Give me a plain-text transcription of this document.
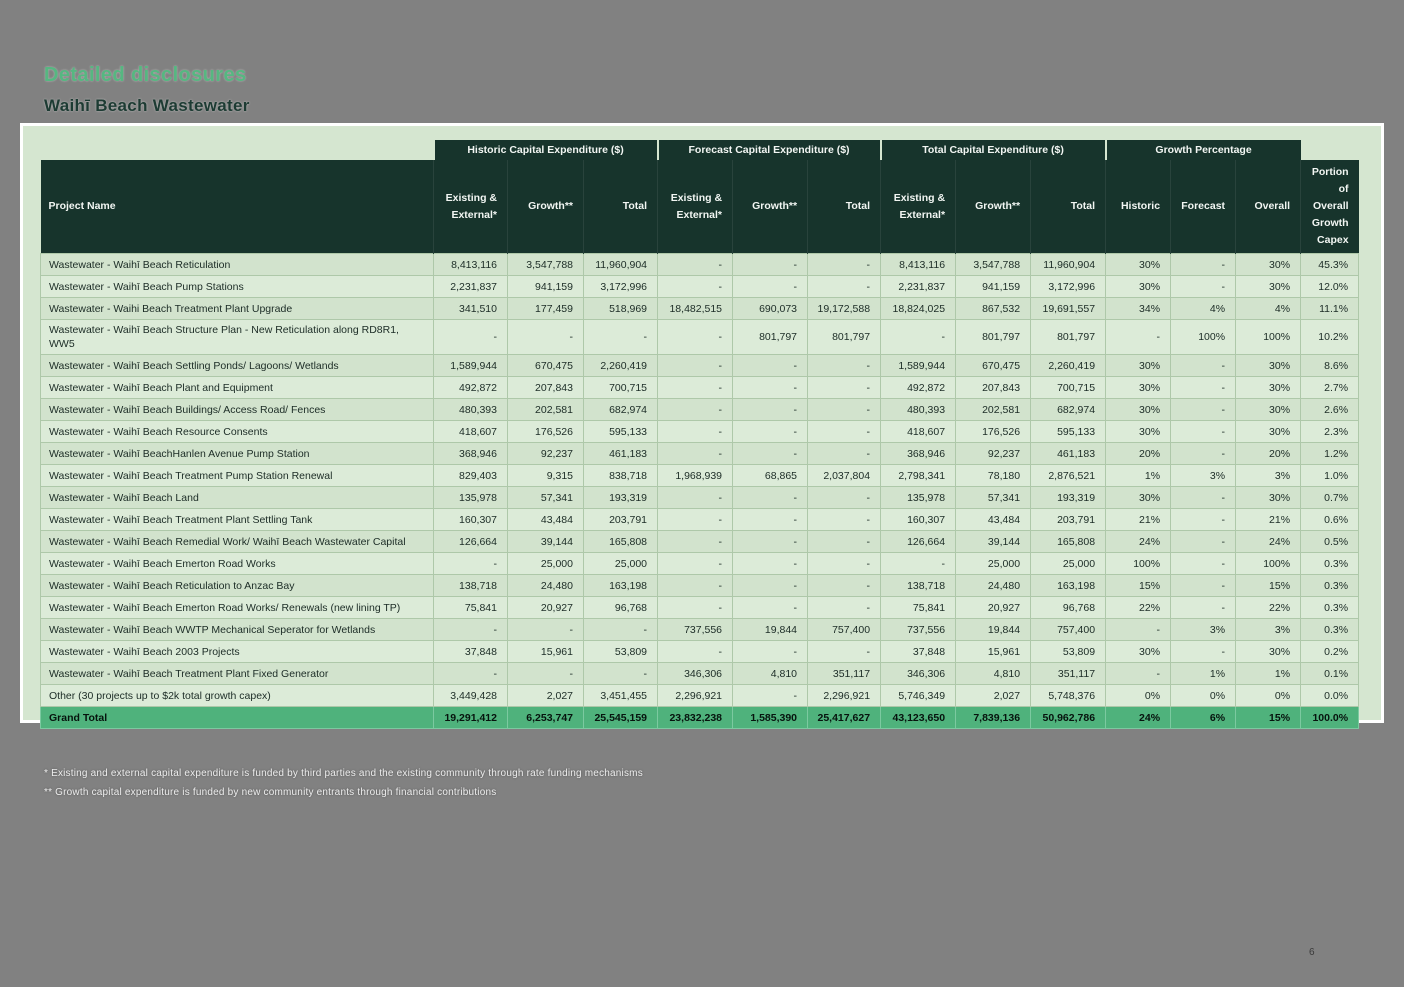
Detailed disclosures
Waihī Beach Wastewater
	Historic Capital Expenditure ($)			Forecast Capital Expenditure ($)			Total Capital Expenditure ($)			Growth Percentage			
Project Name	Existing & External*	Growth**	Total	Existing & External*	Growth**	Total	Existing & External*	Growth**	Total	Historic	Forecast	Overall	Portion of Overall Growth Capex
Wastewater - Waihī Beach Reticulation	8,413,116	3,547,788	11,960,904	-	-	-	8,413,116	3,547,788	11,960,904	30%	-	30%	45.3%
Wastewater - Waihī Beach Pump Stations	2,231,837	941,159	3,172,996	-	-	-	2,231,837	941,159	3,172,996	30%	-	30%	12.0%
Wastewater - Waihi Beach Treatment Plant Upgrade	341,510	177,459	518,969	18,482,515	690,073	19,172,588	18,824,025	867,532	19,691,557	34%	4%	4%	11.1%
Wastewater - Waihī Beach Structure Plan - New Reticulation along RD8R1, WW5	-	-	-	-	801,797	801,797	-	801,797	801,797	-	100%	100%	10.2%
Wastewater - Waihī Beach Settling Ponds/ Lagoons/ Wetlands	1,589,944	670,475	2,260,419	-	-	-	1,589,944	670,475	2,260,419	30%	-	30%	8.6%
Wastewater - Waihī Beach Plant and Equipment	492,872	207,843	700,715	-	-	-	492,872	207,843	700,715	30%	-	30%	2.7%
Wastewater - Waihī Beach Buildings/ Access Road/ Fences	480,393	202,581	682,974	-	-	-	480,393	202,581	682,974	30%	-	30%	2.6%
Wastewater - Waihī Beach Resource Consents	418,607	176,526	595,133	-	-	-	418,607	176,526	595,133	30%	-	30%	2.3%
Wastewater - Waihī BeachHanlen Avenue Pump Station	368,946	92,237	461,183	-	-	-	368,946	92,237	461,183	20%	-	20%	1.2%
Wastewater - Waihī Beach Treatment Pump Station Renewal	829,403	9,315	838,718	1,968,939	68,865	2,037,804	2,798,341	78,180	2,876,521	1%	3%	3%	1.0%
Wastewater - Waihī Beach Land	135,978	57,341	193,319	-	-	-	135,978	57,341	193,319	30%	-	30%	0.7%
Wastewater - Waihī Beach Treatment Plant Settling Tank	160,307	43,484	203,791	-	-	-	160,307	43,484	203,791	21%	-	21%	0.6%
Wastewater - Waihī Beach Remedial Work/ Waihī Beach Wastewater Capital	126,664	39,144	165,808	-	-	-	126,664	39,144	165,808	24%	-	24%	0.5%
Wastewater - Waihī Beach Emerton Road Works	-	25,000	25,000	-	-	-	-	25,000	25,000	100%	-	100%	0.3%
Wastewater - Waihī Beach Reticulation to Anzac Bay	138,718	24,480	163,198	-	-	-	138,718	24,480	163,198	15%	-	15%	0.3%
Wastewater - Waihī Beach Emerton Road Works/ Renewals (new lining TP)	75,841	20,927	96,768	-	-	-	75,841	20,927	96,768	22%	-	22%	0.3%
Wastewater - Waihī Beach WWTP Mechanical Seperator for Wetlands	-	-	-	737,556	19,844	757,400	737,556	19,844	757,400	-	3%	3%	0.3%
Wastewater - Waihī Beach 2003 Projects	37,848	15,961	53,809	-	-	-	37,848	15,961	53,809	30%	-	30%	0.2%
Wastewater - Waihī Beach Treatment Plant Fixed Generator	-	-	-	346,306	4,810	351,117	346,306	4,810	351,117	-	1%	1%	0.1%
Other (30 projects up to $2k total growth capex)	3,449,428	2,027	3,451,455	2,296,921	-	2,296,921	5,746,349	2,027	5,748,376	0%	0%	0%	0.0%
Grand Total	19,291,412	6,253,747	25,545,159	23,832,238	1,585,390	25,417,627	43,123,650	7,839,136	50,962,786	24%	6%	15%	100.0%

* Existing and external capital expenditure is funded by third parties and the existing community through rate funding mechanisms

** Growth capital expenditure is funded by new community entrants through financial contributions

6
